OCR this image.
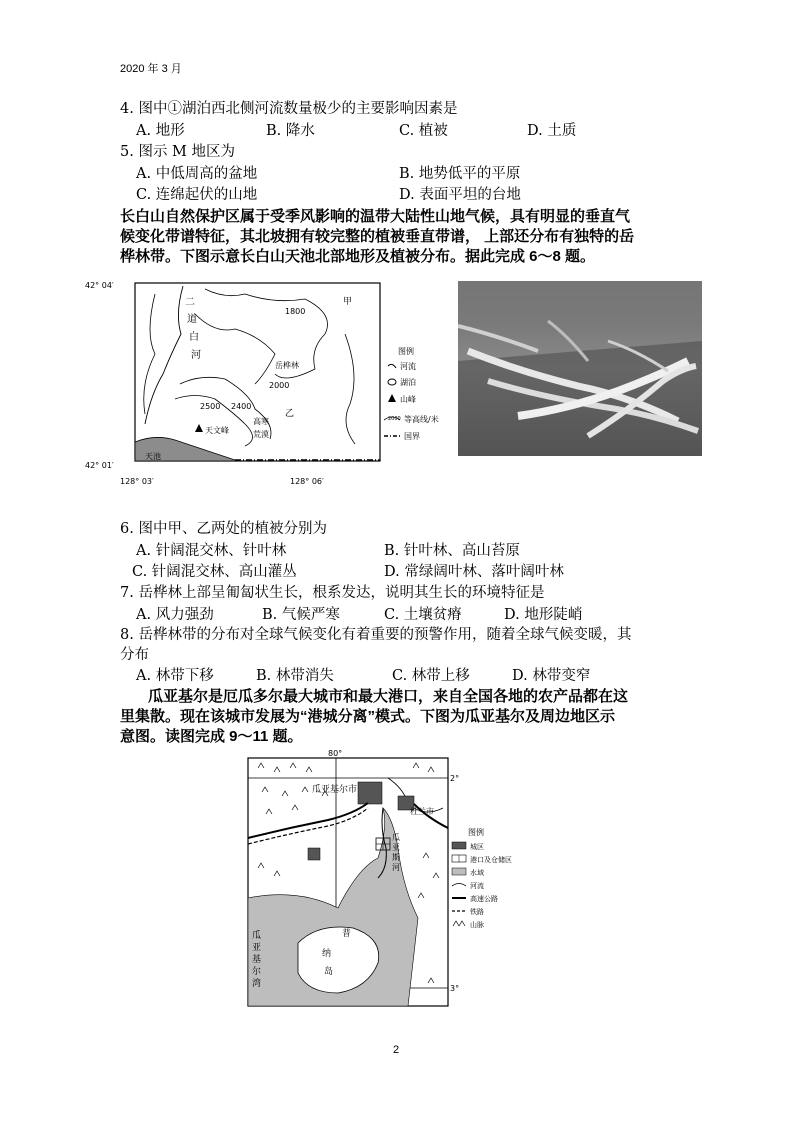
2020 年 3 月
4. 图中①湖泊西北侧河流数量极少的主要影响因素是
A. 地形	B. 降水	C. 植被	D. 土质
5. 图示 M 地区为
A. 中低周高的盆地	B. 地势低平的平原
C. 连绵起伏的山地	D. 表面平坦的台地
长白山自然保护区属于受季风影响的温带大陆性山地气候，具有明显的垂直气
候变化带谱特征，其北坡拥有较完整的植被垂直带谱， 上部还分布有独特的岳
桦林带。下图示意长白山天池北部地形及植被分布。据此完成 6～8 题。
42° 04′
42° 01′
128° 03′	128° 06′
天池
二
道
白
河
甲
1800
岳桦林
2000
2400
2500
乙
高寒
荒漠
天文峰
图例
河流
湖泊
山峰
2000 等高线/米
国界
6. 图中甲、乙两处的植被分别为
A. 针阔混交林、针叶林	B. 针叶林、高山苔原
C. 针阔混交林、高山灌丛	D. 常绿阔叶林、落叶阔叶林
7. 岳桦林上部呈匍匐状生长，根系发达，说明其生长的环境特征是
A. 风力强劲	B. 气候严寒	C. 土壤贫瘠	D. 地形陡峭
8. 岳桦林带的分布对全球气候变化有着重要的预警作用，随着全球气候变暖，其
分布
A. 林带下移	B. 林带消失	C. 林带上移	D. 林带变窄
瓜亚基尔是厄瓜多尔最大城市和最大港口，来自全国各地的农产品都在这
里集散。现在该城市发展为“港城分离”模式。下图为瓜亚基尔及周边地区示
意图。读图完成 9～11 题。
80°
2°
3°
瓜亚基尔市
杜兰市
瓜
亚
斯
河
普
纳
岛
瓜
亚
基
尔
湾
图例
城区
港口及仓储区
水域
河流
高速公路
铁路
山脉
2
